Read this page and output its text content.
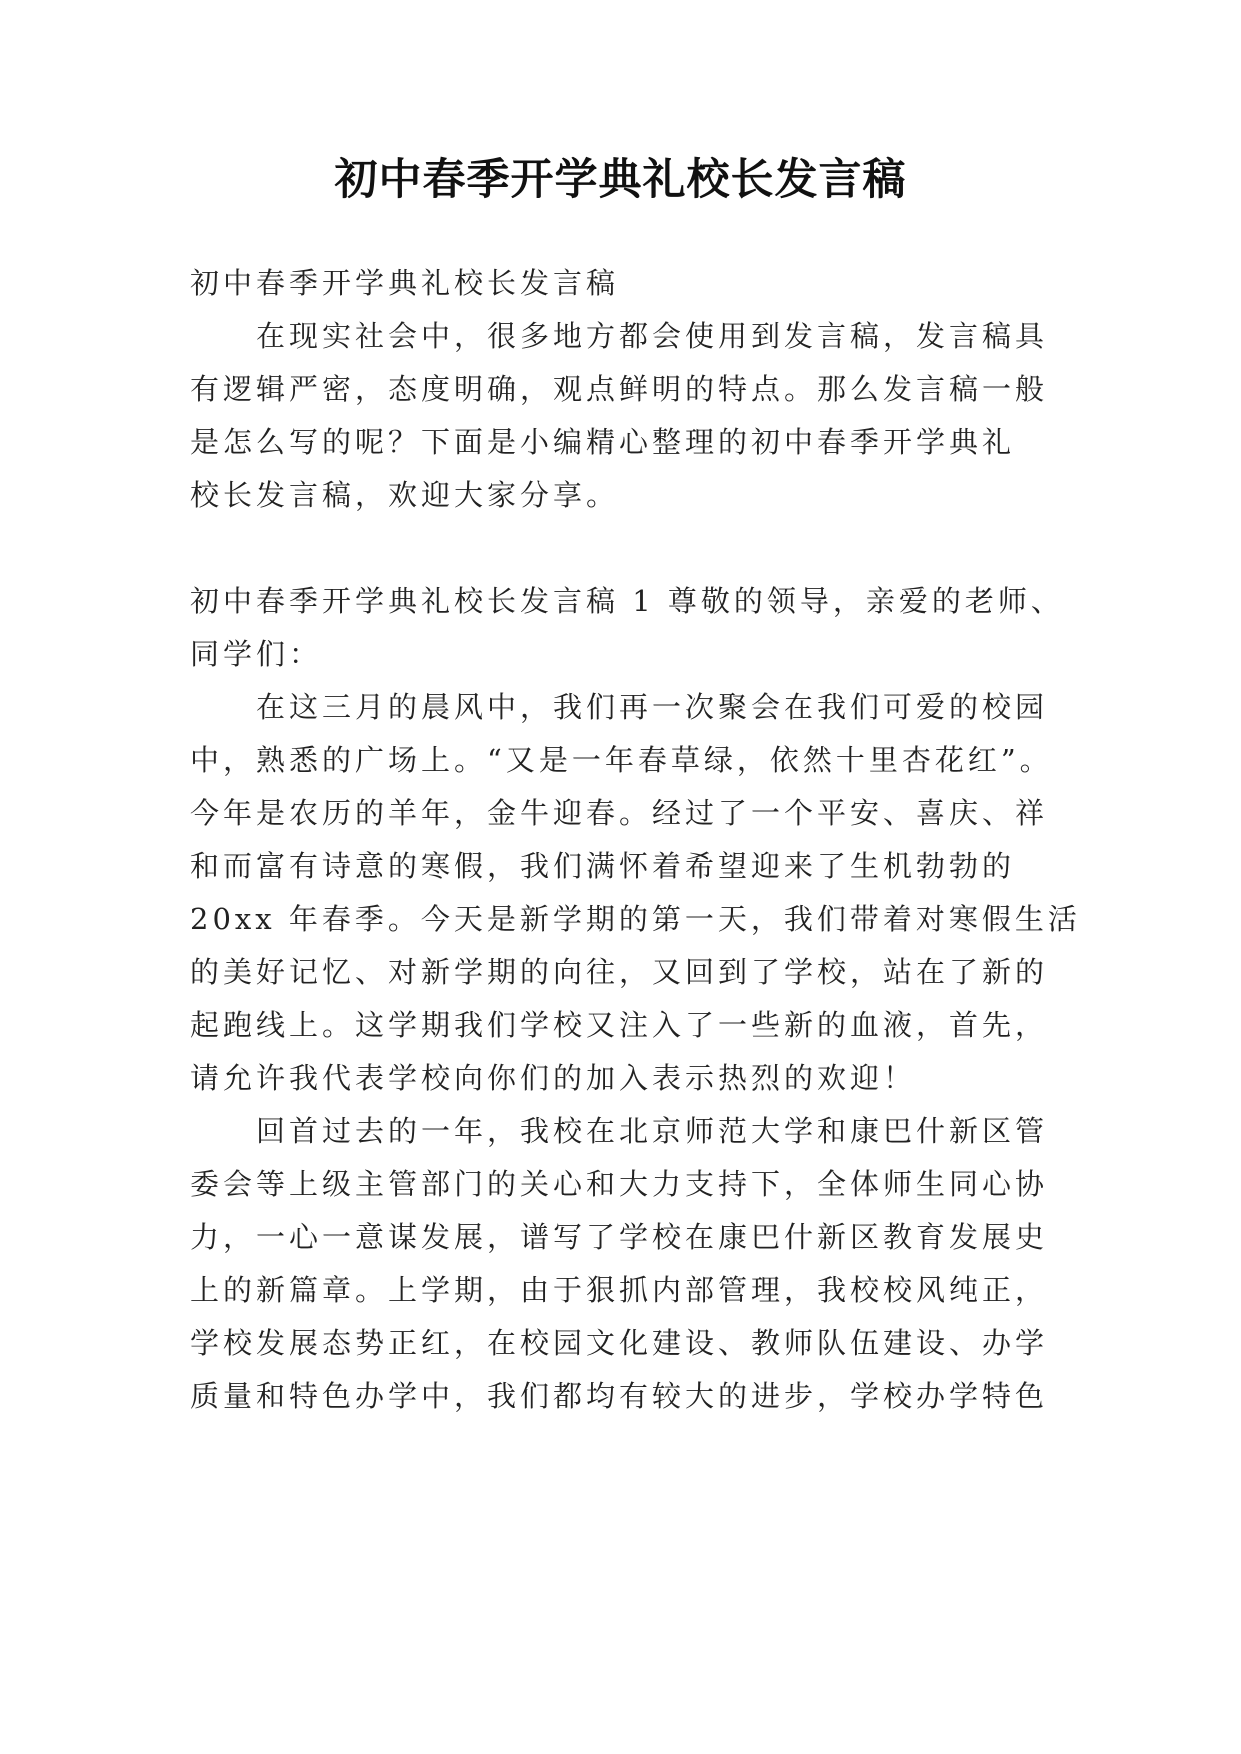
初中春季开学典礼校长发言稿
初中春季开学典礼校长发言稿
在现实社会中，很多地方都会使用到发言稿，发言稿具
有逻辑严密，态度明确，观点鲜明的特点。那么发言稿一般
是怎么写的呢？下面是小编精心整理的初中春季开学典礼
校长发言稿，欢迎大家分享。
初中春季开学典礼校长发言稿 1 尊敬的领导，亲爱的老师、
同学们：
在这三月的晨风中，我们再一次聚会在我们可爱的校园
中，熟悉的广场上。“又是一年春草绿，依然十里杏花红”。
今年是农历的羊年，金牛迎春。经过了一个平安、喜庆、祥
和而富有诗意的寒假，我们满怀着希望迎来了生机勃勃的
20xx 年春季。今天是新学期的第一天，我们带着对寒假生活
的美好记忆、对新学期的向往，又回到了学校，站在了新的
起跑线上。这学期我们学校又注入了一些新的血液，首先，
请允许我代表学校向你们的加入表示热烈的欢迎！
回首过去的一年，我校在北京师范大学和康巴什新区管
委会等上级主管部门的关心和大力支持下，全体师生同心协
力，一心一意谋发展，谱写了学校在康巴什新区教育发展史
上的新篇章。上学期，由于狠抓内部管理，我校校风纯正，
学校发展态势正红，在校园文化建设、教师队伍建设、办学
质量和特色办学中，我们都均有较大的进步，学校办学特色
